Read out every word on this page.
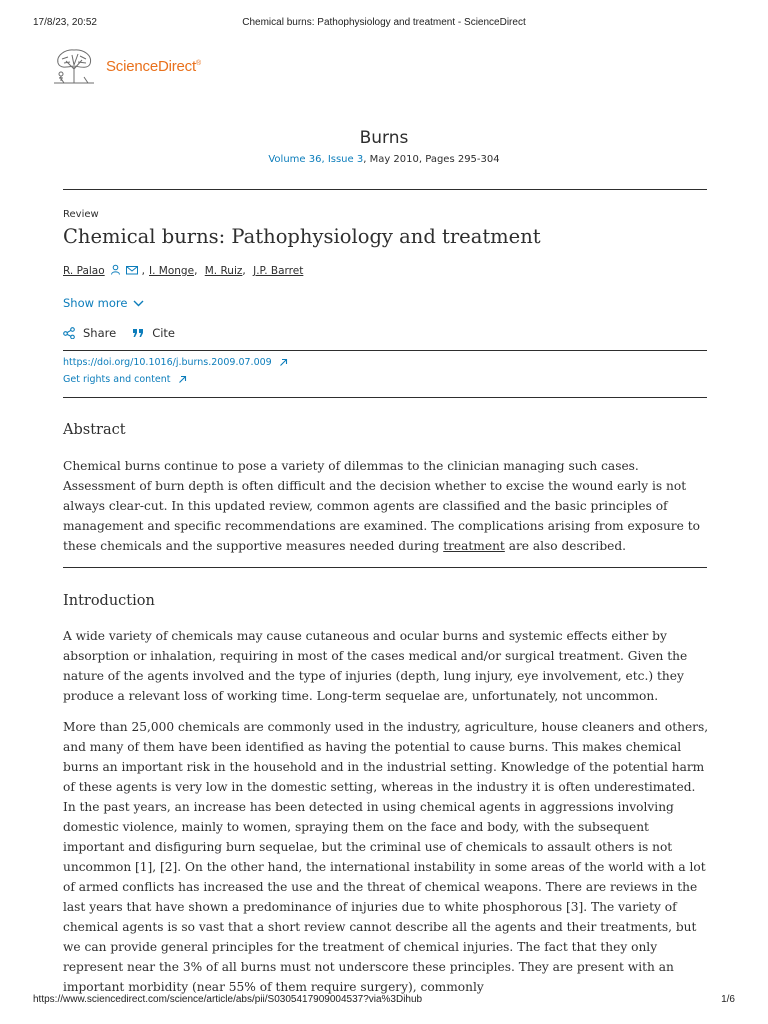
17/8/23, 20:52	Chemical burns: Pathophysiology and treatment - ScienceDirect
ScienceDirect®
Burns
Volume 36, Issue 3, May 2010, Pages 295-304
Review
Chemical burns: Pathophysiology and treatment
R. Palao	, I. Monge , M. Ruiz , J.P. Barret
Show more
Share	Cite
https://doi.org/10.1016/j.burns.2009.07.009
Get rights and content
Abstract

Chemical burns continue to pose a variety of dilemmas to the clinician managing such cases. Assessment of burn depth is often difficult and the decision whether to excise the wound early is not always clear-cut. In this updated review, common agents are classified and the basic principles of management and specific recommendations are examined. The complications arising from exposure to these chemicals and the supportive measures needed during treatment are also described.

Introduction

A wide variety of chemicals may cause cutaneous and ocular burns and systemic effects either by absorption or inhalation, requiring in most of the cases medical and/or surgical treatment. Given the nature of the agents involved and the type of injuries (depth, lung injury, eye involvement, etc.) they produce a relevant loss of working time. Long-term sequelae are, unfortunately, not uncommon.

More than 25,000 chemicals are commonly used in the industry, agriculture, house cleaners and others, and many of them have been identified as having the potential to cause burns. This makes chemical burns an important risk in the household and in the industrial setting. Knowledge of the potential harm of these agents is very low in the domestic setting, whereas in the industry it is often underestimated. In the past years, an increase has been detected in using chemical agents in aggressions involving domestic violence, mainly to women, spraying them on the face and body, with the subsequent important and disfiguring burn sequelae, but the criminal use of chemicals to assault others is not uncommon [1], [2]. On the other hand, the international instability in some areas of the world with a lot of armed conflicts has increased the use and the threat of chemical weapons. There are reviews in the last years that have shown a predominance of injuries due to white phosphorous [3]. The variety of chemical agents is so vast that a short review cannot describe all the agents and their treatments, but we can provide general principles for the treatment of chemical injuries. The fact that they only represent near the 3% of all burns must not underscore these principles. They are present with an important morbidity (near 55% of them require surgery), commonly

https://www.sciencedirect.com/science/article/abs/pii/S0305417909004537?via%3Dihub	1/6
